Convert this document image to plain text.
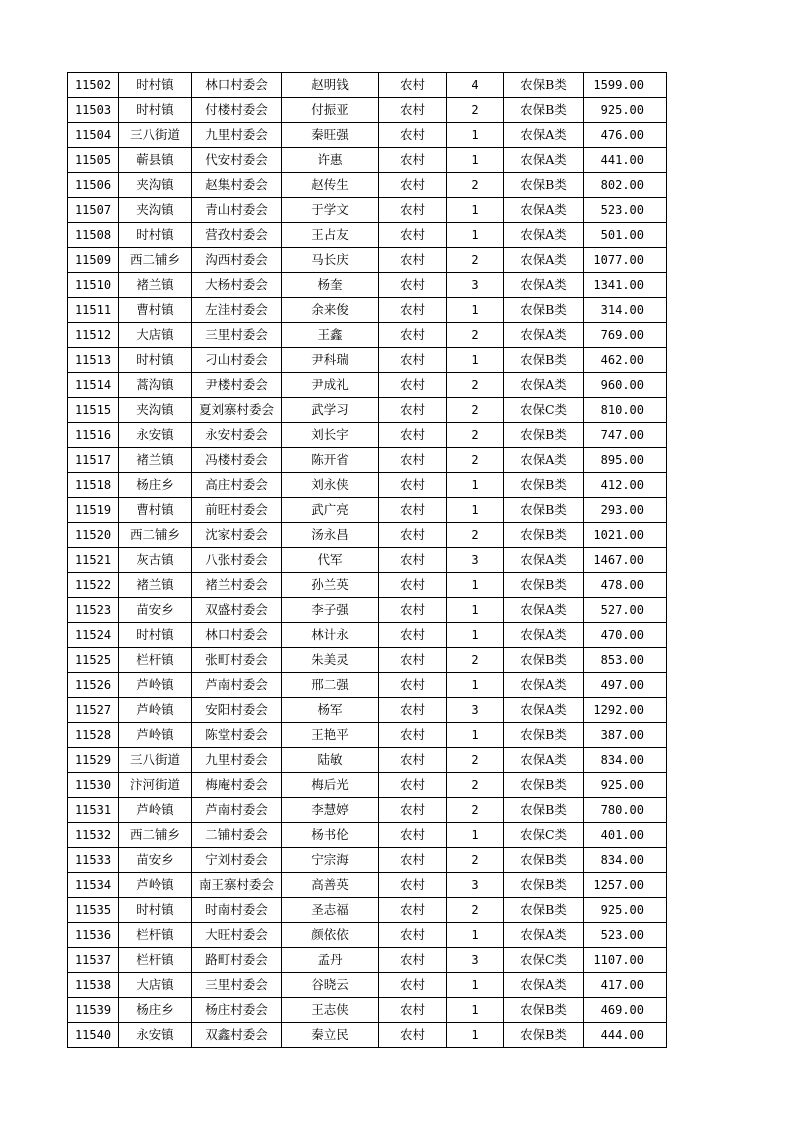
11502	时村镇	林口村委会	赵明钱	农村	4	农保B类	1599.00
11503	时村镇	付楼村委会	付振亚	农村	2	农保B类	925.00
11504	三八街道	九里村委会	秦旺强	农村	1	农保A类	476.00
11505	蕲县镇	代安村委会	许惠	农村	1	农保A类	441.00
11506	夹沟镇	赵集村委会	赵传生	农村	2	农保B类	802.00
11507	夹沟镇	青山村委会	于学文	农村	1	农保A类	523.00
11508	时村镇	营孜村委会	王占友	农村	1	农保A类	501.00
11509	西二铺乡	沟西村委会	马长庆	农村	2	农保A类	1077.00
11510	褚兰镇	大杨村委会	杨奎	农村	3	农保A类	1341.00
11511	曹村镇	左洼村委会	余来俊	农村	1	农保B类	314.00
11512	大店镇	三里村委会	王鑫	农村	2	农保A类	769.00
11513	时村镇	刁山村委会	尹科瑞	农村	1	农保B类	462.00
11514	蒿沟镇	尹楼村委会	尹成礼	农村	2	农保A类	960.00
11515	夹沟镇	夏刘寨村委会	武学习	农村	2	农保C类	810.00
11516	永安镇	永安村委会	刘长宇	农村	2	农保B类	747.00
11517	褚兰镇	冯楼村委会	陈开省	农村	2	农保A类	895.00
11518	杨庄乡	高庄村委会	刘永侠	农村	1	农保B类	412.00
11519	曹村镇	前旺村委会	武广亮	农村	1	农保B类	293.00
11520	西二铺乡	沈家村委会	汤永昌	农村	2	农保B类	1021.00
11521	灰古镇	八张村委会	代军	农村	3	农保A类	1467.00
11522	褚兰镇	褚兰村委会	孙兰英	农村	1	农保B类	478.00
11523	苗安乡	双盛村委会	李子强	农村	1	农保A类	527.00
11524	时村镇	林口村委会	林计永	农村	1	农保A类	470.00
11525	栏杆镇	张町村委会	朱美灵	农村	2	农保B类	853.00
11526	芦岭镇	芦南村委会	邢二强	农村	1	农保A类	497.00
11527	芦岭镇	安阳村委会	杨军	农村	3	农保A类	1292.00
11528	芦岭镇	陈堂村委会	王艳平	农村	1	农保B类	387.00
11529	三八街道	九里村委会	陆敏	农村	2	农保A类	834.00
11530	汴河街道	梅庵村委会	梅后光	农村	2	农保B类	925.00
11531	芦岭镇	芦南村委会	李慧婷	农村	2	农保B类	780.00
11532	西二铺乡	二铺村委会	杨书伦	农村	1	农保C类	401.00
11533	苗安乡	宁刘村委会	宁宗海	农村	2	农保B类	834.00
11534	芦岭镇	南王寨村委会	高善英	农村	3	农保B类	1257.00
11535	时村镇	时南村委会	圣志福	农村	2	农保B类	925.00
11536	栏杆镇	大旺村委会	颜依依	农村	1	农保A类	523.00
11537	栏杆镇	路町村委会	孟丹	农村	3	农保C类	1107.00
11538	大店镇	三里村委会	谷晓云	农村	1	农保A类	417.00
11539	杨庄乡	杨庄村委会	王志侠	农村	1	农保B类	469.00
11540	永安镇	双鑫村委会	秦立民	农村	1	农保B类	444.00
